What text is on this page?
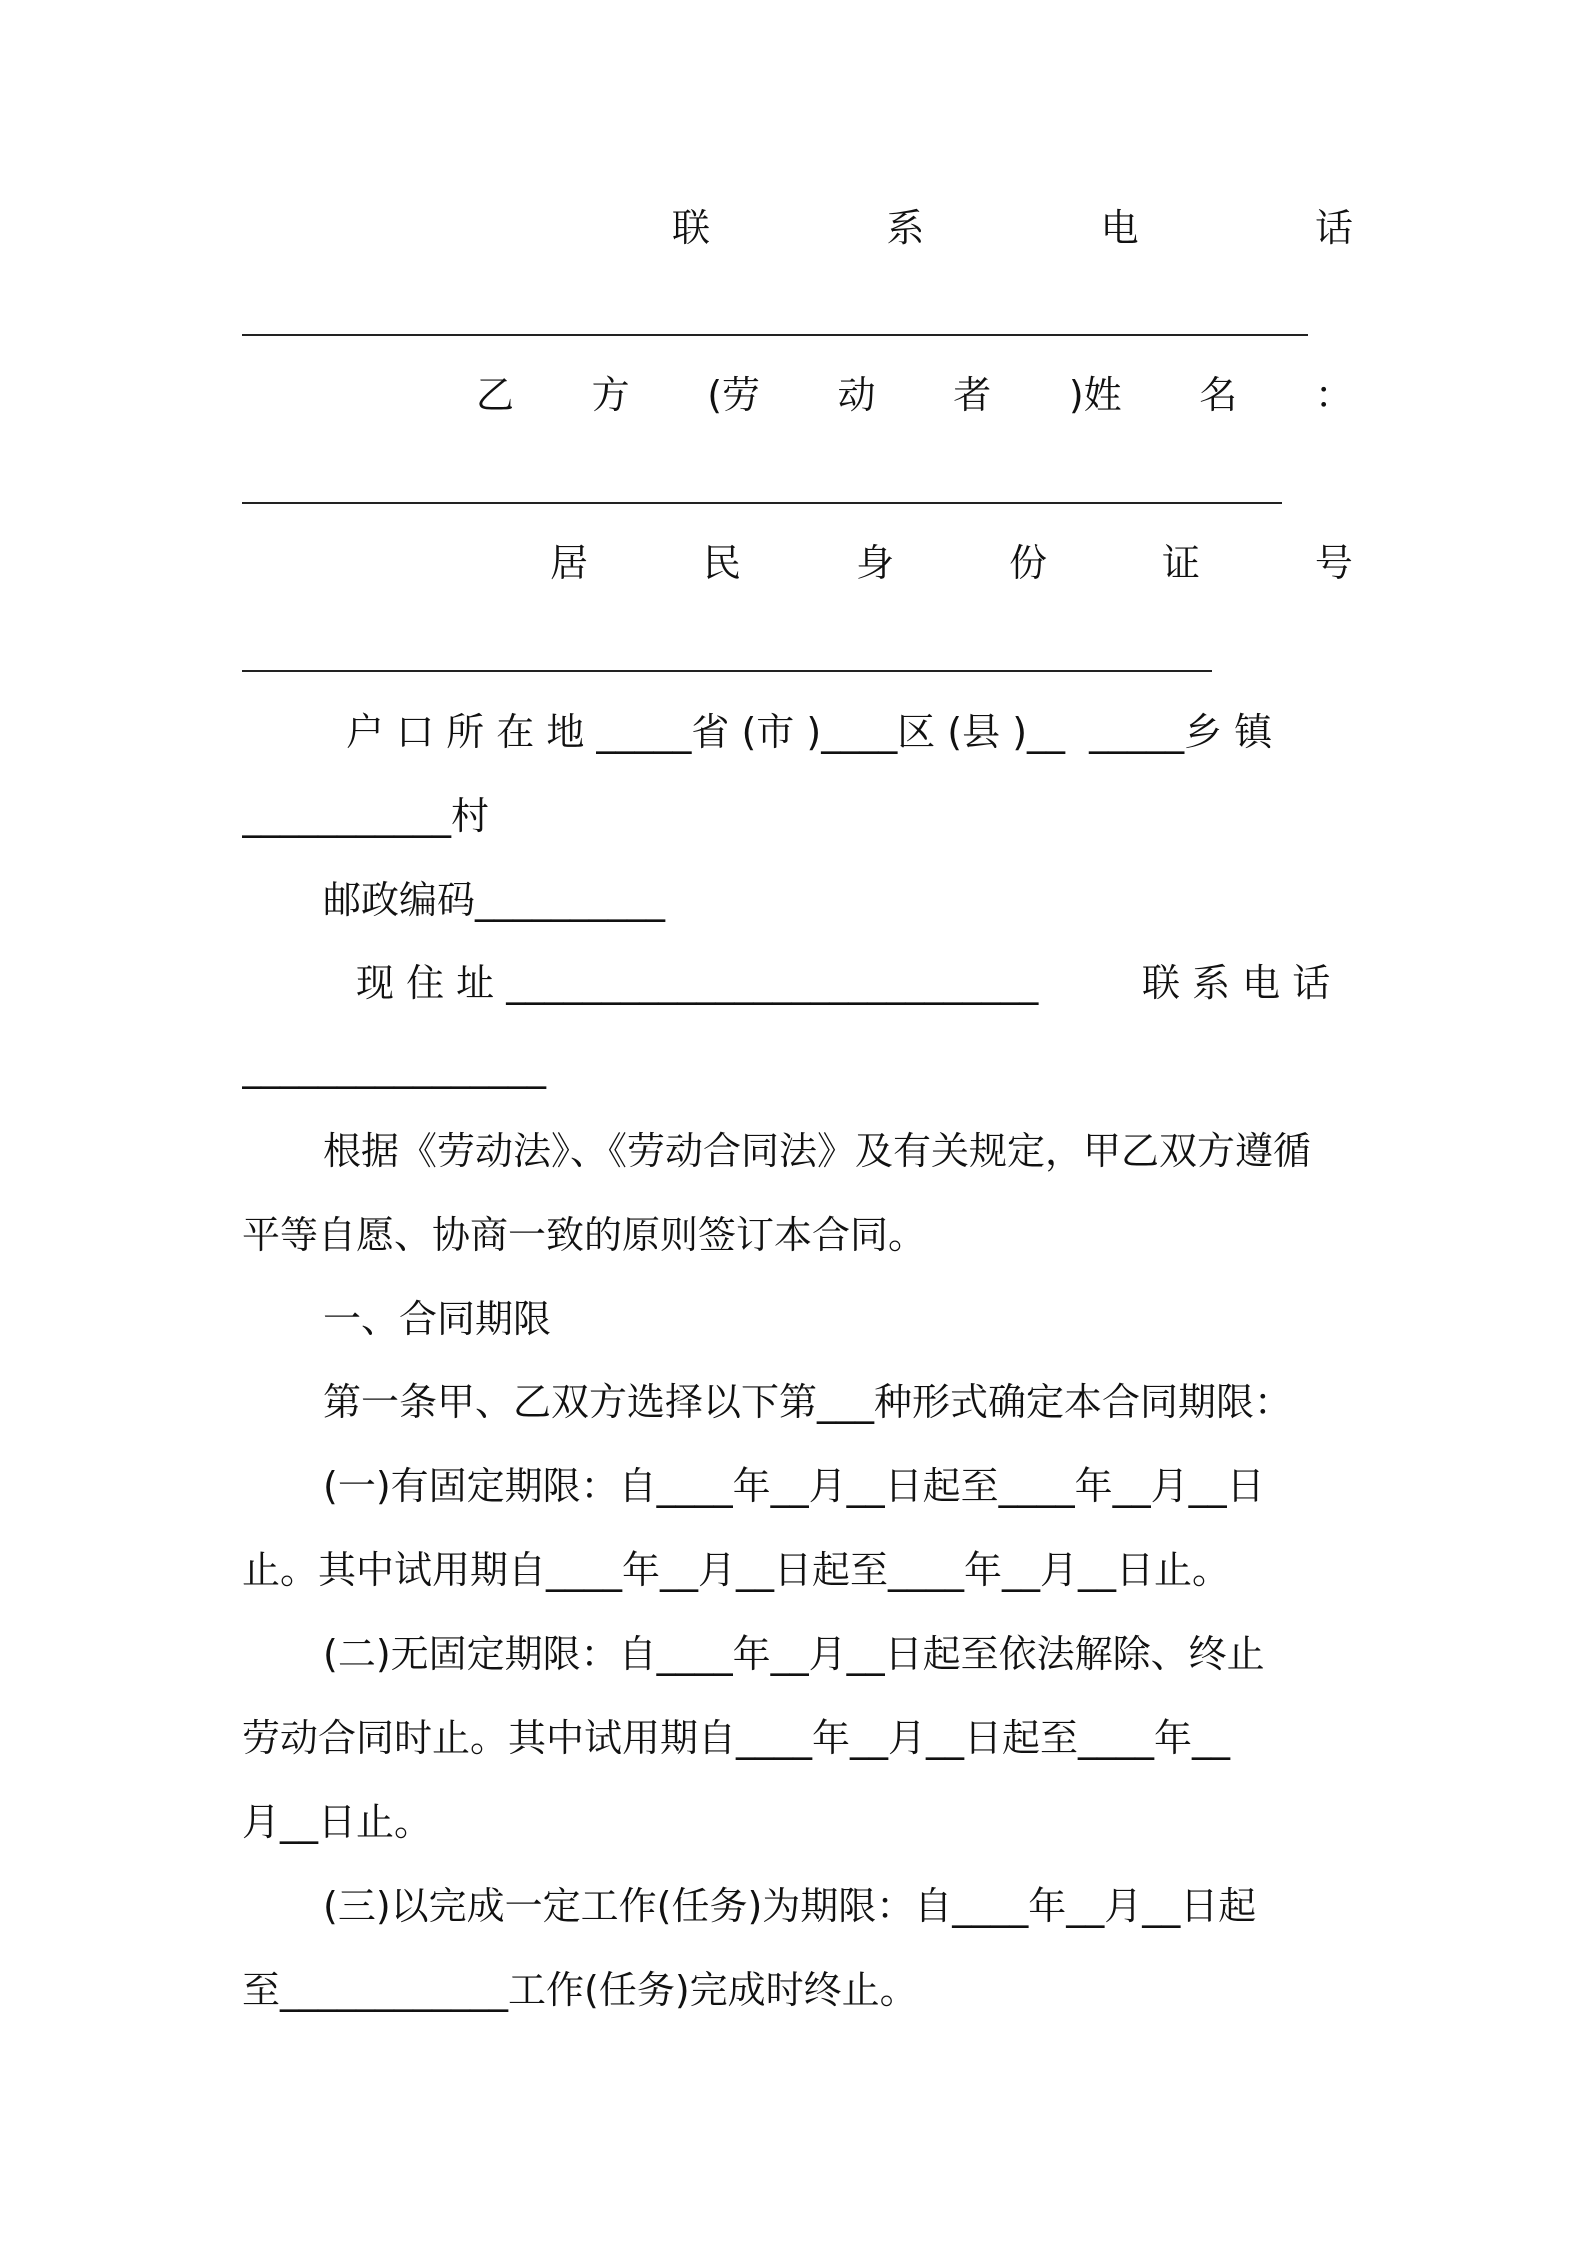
联	系	电	话
乙 方 (劳 动 者 )姓 名 ：
居	民	身	份	证	号
户 口 所 在 地 _____省 (市 )____区 (县 )__  _____乡 镇
___________村
邮政编码__________
现 住 址 ____________________________	联 系 电 话
________________
根据《劳动法》、《劳动合同法》及有关规定，甲乙双方遵循
平等自愿、协商一致的原则签订本合同。
一、合同期限
第一条甲、乙双方选择以下第___种形式确定本合同期限：
(一)有固定期限：自____年__月__日起至____年__月__日
止。其中试用期自____年__月__日起至____年__月__日止。
(二)无固定期限：自____年__月__日起至依法解除、终止
劳动合同时止。其中试用期自____年__月__日起至____年__
月__日止。
(三)以完成一定工作(任务)为期限：自____年__月__日起
至____________工作(任务)完成时终止。
